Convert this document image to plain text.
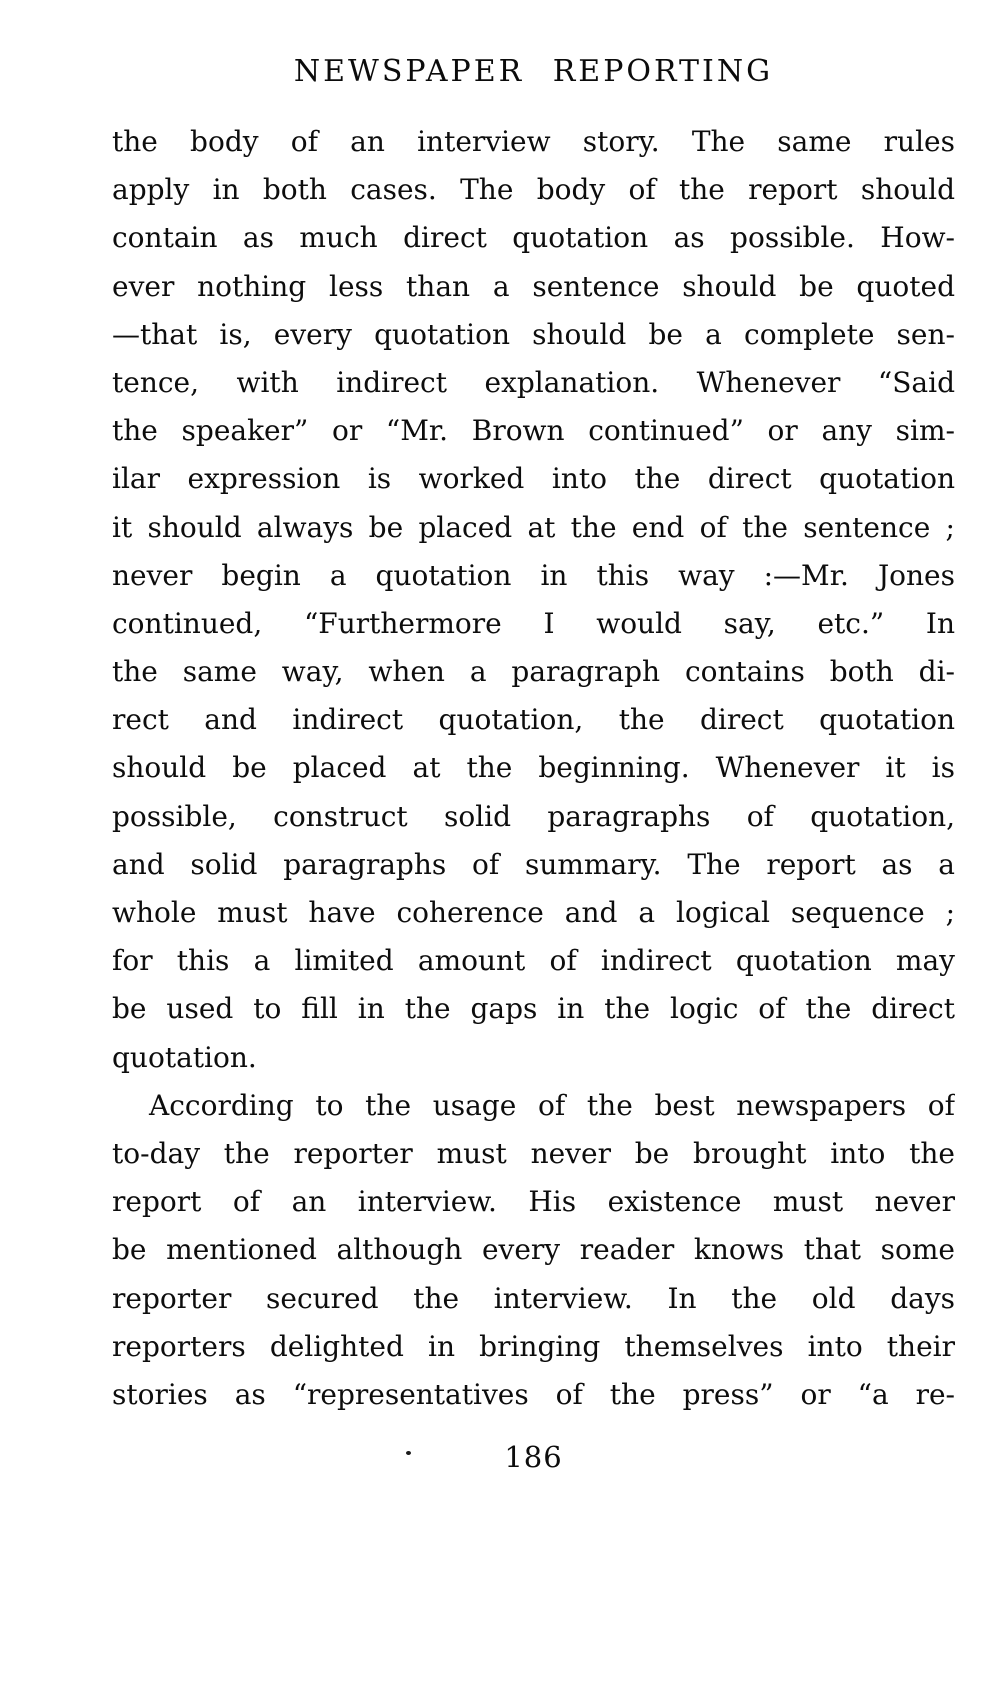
NEWSPAPER REPORTING
the body of an interview story. The same rules
apply in both cases. The body of the report should
contain as much direct quotation as possible. How-
ever nothing less than a sentence should be quoted
—that is, every quotation should be a complete sen-
tence, with indirect explanation. Whenever “Said
the speaker” or “Mr. Brown continued” or any sim-
ilar expression is worked into the direct quotation
it should always be placed at the end of the sentence ;
never begin a quotation in this way :—Mr. Jones
continued, “Furthermore I would say, etc.” In
the same way, when a paragraph contains both di-
rect and indirect quotation, the direct quotation
should be placed at the beginning. Whenever it is
possible, construct solid paragraphs of quotation,
and solid paragraphs of summary. The report as a
whole must have coherence and a logical sequence ;
for this a limited amount of indirect quotation may
be used to fill in the gaps in the logic of the direct
quotation.
According to the usage of the best newspapers of
to-day the reporter must never be brought into the
report of an interview. His existence must never
be mentioned although every reader knows that some
reporter secured the interview. In the old days
reporters delighted in bringing themselves into their
stories as “representatives of the press” or “a re-
186
